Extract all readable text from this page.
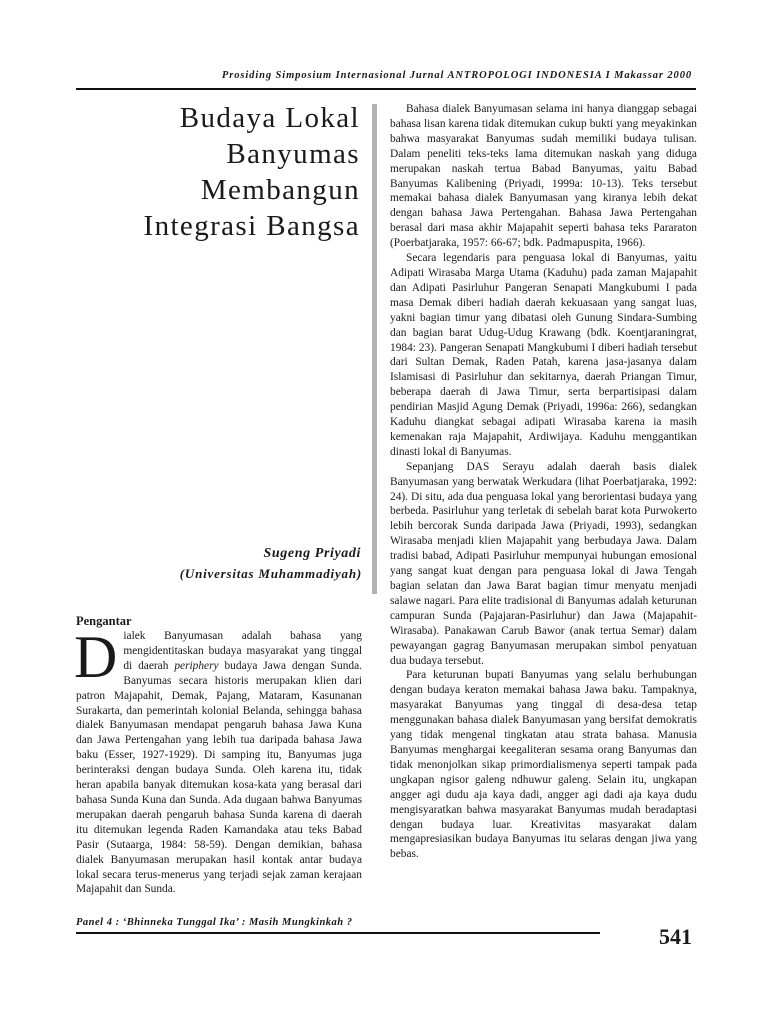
Prosiding Simposium Internasional Jurnal ANTROPOLOGI INDONESIA I Makassar 2000
Budaya Lokal
Banyumas
Membangun
Integrasi Bangsa
Sugeng Priyadi
(Universitas Muhammadiyah)
Pengantar

Dialek Banyumasan adalah bahasa yang mengidentitaskan budaya masyarakat yang tinggal di daerah periphery budaya Jawa dengan Sunda. Banyumas secara historis merupakan klien dari patron Majapahit, Demak, Pajang, Mataram, Kasunanan Surakarta, dan pemerintah kolonial Belanda, sehingga bahasa dialek Banyumasan mendapat pengaruh bahasa Jawa Kuna dan Jawa Pertengahan yang lebih tua daripada bahasa Jawa baku (Esser, 1927-1929). Di samping itu, Banyumas juga berinteraksi dengan budaya Sunda. Oleh karena itu, tidak heran apabila banyak ditemukan kosa-kata yang berasal dari bahasa Sunda Kuna dan Sunda. Ada dugaan bahwa Banyumas merupakan daerah pengaruh bahasa Sunda karena di daerah itu ditemukan legenda Raden Kamandaka atau teks Babad Pasir (Sutaarga, 1984: 58-59). Dengan demikian, bahasa dialek Banyumasan merupakan hasil kontak antar budaya lokal secara terus-menerus yang terjadi sejak zaman kerajaan Majapahit dan Sunda.

Bahasa dialek Banyumasan selama ini hanya dianggap sebagai bahasa lisan karena tidak ditemukan cukup bukti yang meyakinkan bahwa masyarakat Banyumas sudah memiliki budaya tulisan. Dalam peneliti teks-teks lama ditemukan naskah yang diduga merupakan naskah tertua Babad Banyumas, yaitu Babad Banyumas Kalibening (Priyadi, 1999a: 10-13). Teks tersebut memakai bahasa dialek Banyumasan yang kiranya lebih dekat dengan bahasa Jawa Pertengahan. Bahasa Jawa Pertengahan berasal dari masa akhir Majapahit seperti bahasa teks Pararaton (Poerbatjaraka, 1957: 66-67; bdk. Padmapuspita, 1966).

Secara legendaris para penguasa lokal di Banyumas, yaitu Adipati Wirasaba Marga Utama (Kaduhu) pada zaman Majapahit dan Adipati Pasirluhur Pangeran Senapati Mangkubumi I pada masa Demak diberi hadiah daerah kekuasaan yang sangat luas, yakni bagian timur yang dibatasi oleh Gunung Sindara-Sumbing dan bagian barat Udug-Udug Krawang (bdk. Koentjaraningrat, 1984: 23). Pangeran Senapati Mangkubumi I diberi hadiah tersebut dari Sultan Demak, Raden Patah, karena jasa-jasanya dalam Islamisasi di Pasirluhur dan sekitarnya, daerah Priangan Timur, beberapa daerah di Jawa Timur, serta berpartisipasi dalam pendirian Masjid Agung Demak (Priyadi, 1996a: 266), sedangkan Kaduhu diangkat sebagai adipati Wirasaba karena ia masih kemenakan raja Majapahit, Ardiwijaya. Kaduhu menggantikan dinasti lokal di Banyumas.

Sepanjang DAS Serayu adalah daerah basis dialek Banyumasan yang berwatak Werkudara (lihat Poerbatjaraka, 1992: 24). Di situ, ada dua penguasa lokal yang berorientasi budaya yang berbeda. Pasirluhur yang terletak di sebelah barat kota Purwokerto lebih bercorak Sunda daripada Jawa (Priyadi, 1993), sedangkan Wirasaba menjadi klien Majapahit yang berbudaya Jawa. Dalam tradisi babad, Adipati Pasirluhur mempunyai hubungan emosional yang sangat kuat dengan para penguasa lokal di Jawa Tengah bagian selatan dan Jawa Barat bagian timur menyatu menjadi salawe nagari. Para elite tradisional di Banyumas adalah keturunan campuran Sunda (Pajajaran-Pasirluhur) dan Jawa (Majapahit-Wirasaba). Panakawan Carub Bawor (anak tertua Semar) dalam pewayangan gagrag Banyumasan merupakan simbol penyatuan dua budaya tersebut.

Para keturunan bupati Banyumas yang selalu berhubungan dengan budaya keraton memakai bahasa Jawa baku. Tampaknya, masyarakat Banyumas yang tinggal di desa-desa tetap menggunakan bahasa dialek Banyumasan yang bersifat demokratis yang tidak mengenal tingkatan atau strata bahasa. Manusia Banyumas menghargai keegaliteran sesama orang Banyumas dan tidak menonjolkan sikap primordialismenya seperti tampak pada ungkapan ngisor galeng ndhuwur galeng. Selain itu, ungkapan angger agi dudu aja kaya dadi, angger agi dadi aja kaya dudu mengisyaratkan bahwa masyarakat Banyumas mudah beradaptasi dengan budaya luar. Kreativitas masyarakat dalam mengapresiasikan budaya Banyumas itu selaras dengan jiwa yang bebas.

Panel 4 : ‘Bhinneka Tunggal Ika’ : Masih Mungkinkah ?
541
